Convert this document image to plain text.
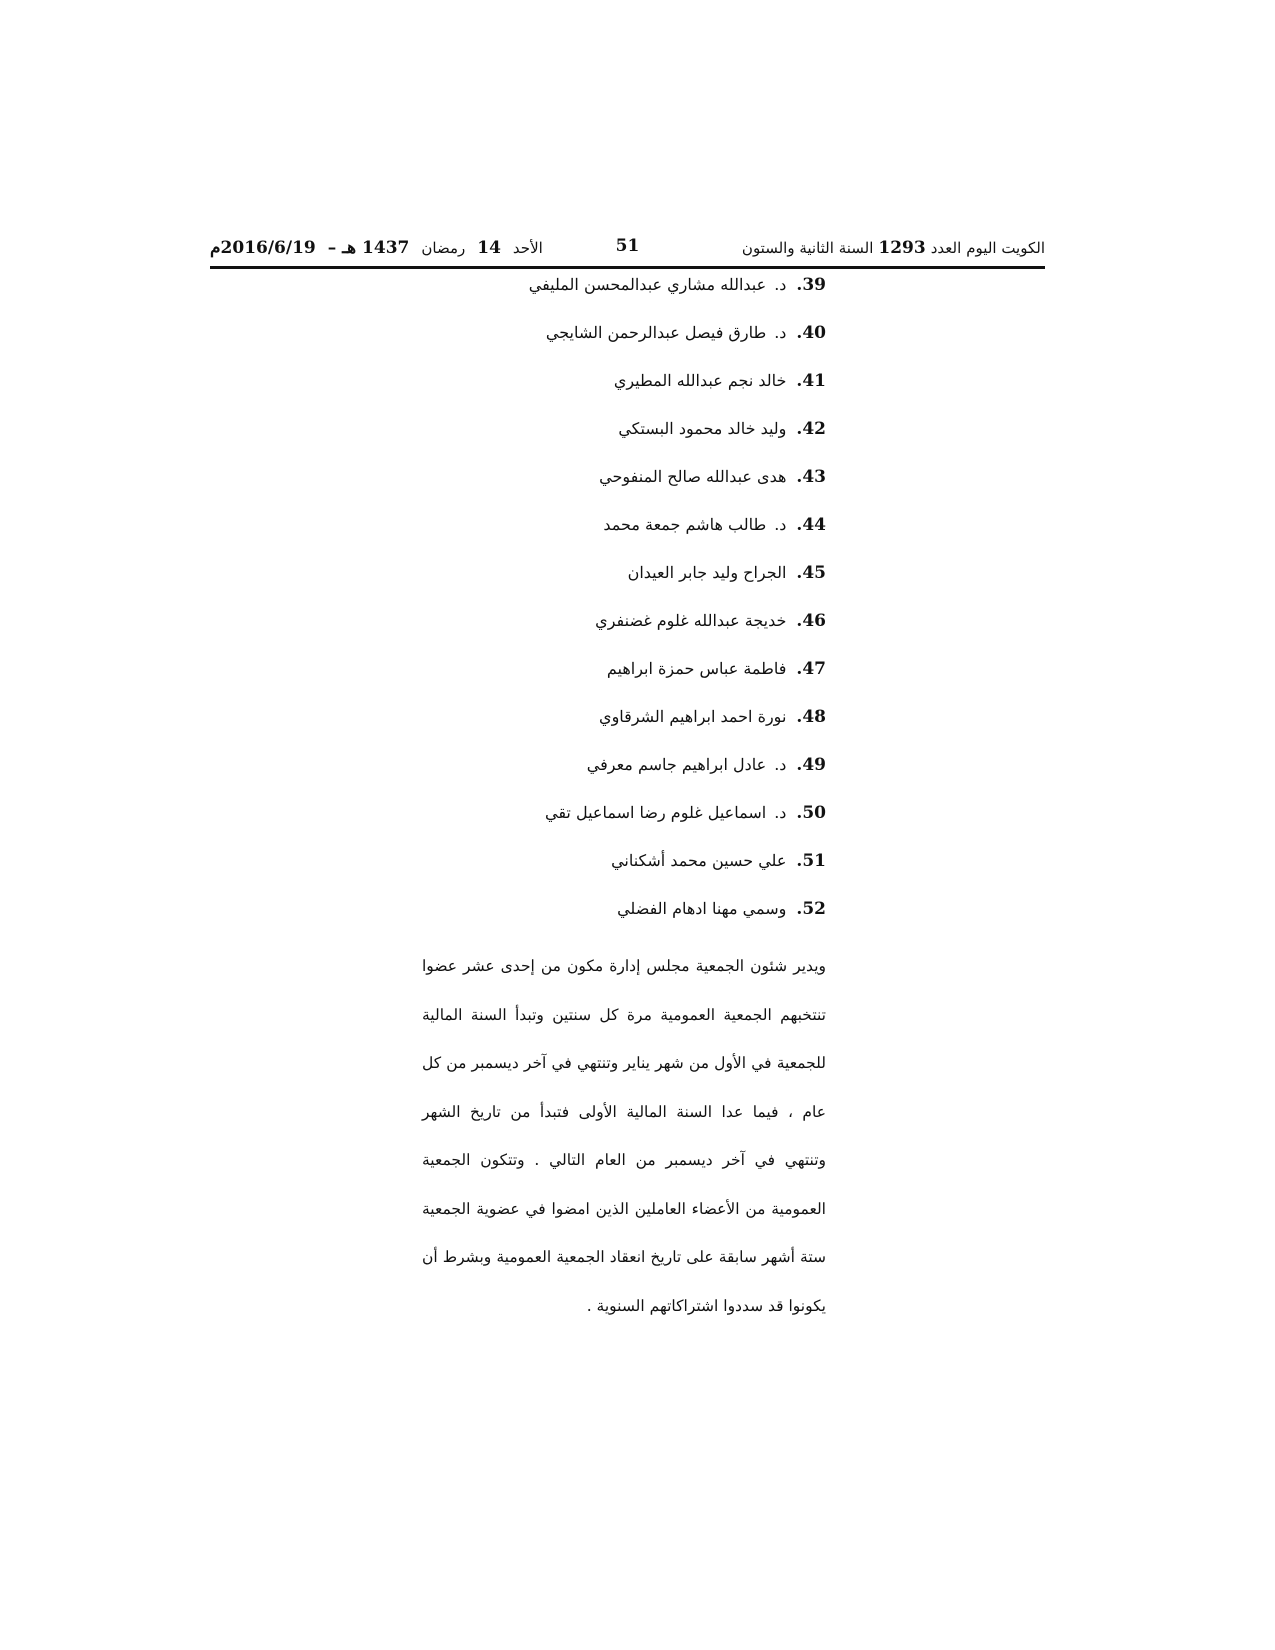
الكويت اليومالعدد1293السنة الثانية والستون
51
الأحد14رمضان1437 هـ –2016/6/19م
39.د.عبدالله مشاري عبدالمحسن المليفي
40.د.طارق فيصل عبدالرحمن الشايجي
41.خالد نجم عبدالله المطيري
42.وليد خالد محمود البستكي
43.هدى عبدالله صالح المنفوحي
44.د.طالب هاشم جمعة محمد
45.الجراح وليد جابر العيدان
46.خديجة عبدالله غلوم غضنفري
47.فاطمة عباس حمزة ابراهيم
48.نورة احمد ابراهيم الشرقاوي
49.د.عادل ابراهيم جاسم معرفي
50.د.اسماعيل غلوم رضا اسماعيل تقي
51.علي حسين محمد أشكناني
52.وسمي مهنا ادهام الفضلي

ويدير شئون الجمعية مجلس إدارة مكون من إحدى عشر عضوا تنتخبهم الجمعية العمومية مرة كل سنتين وتبدأ السنة المالية للجمعية في الأول من شهر يناير وتنتهي في آخر ديسمبر من كل عام ، فيما عدا السنة المالية الأولى فتبدأ من تاريخ الشهر وتنتهي في آخر ديسمبر من العام التالي . وتتكون الجمعية العمومية من الأعضاء العاملين الذين امضوا في عضوية الجمعية ستة أشهر سابقة على تاريخ انعقاد الجمعية العمومية وبشرط أن يكونوا قد سددوا اشتراكاتهم السنوية .
